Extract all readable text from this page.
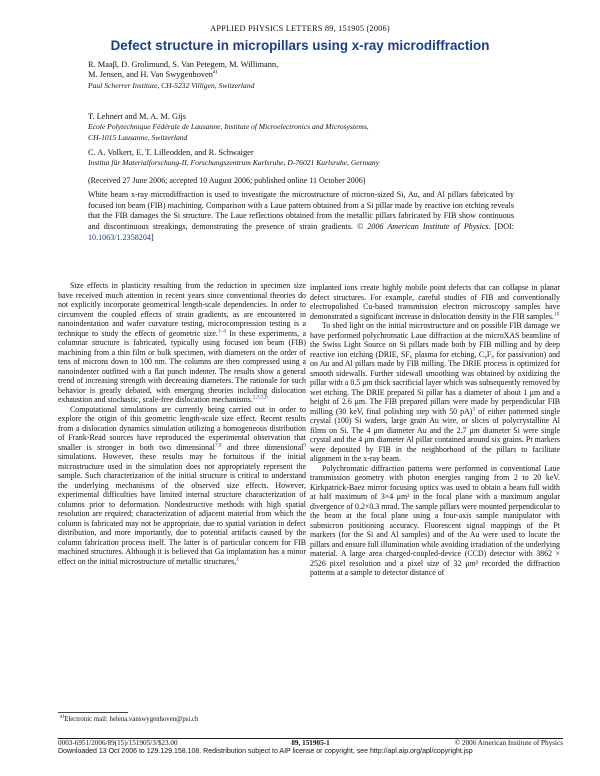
APPLIED PHYSICS LETTERS 89, 151905 (2006)
Defect structure in micropillars using x-ray microdiffraction
R. Maaβ, D. Grolimund, S. Van Petegem, M. Willimann,
M. Jensen, and H. Van Swygenhoven$^{a)}$
Paul Scherrer Institute, CH-5232 Villigen, Switzerland
T. Lehnert and M. A. M. Gijs
Ecole Polytechnique Fédérale de Lausanne, Institute of Microelectronics and Microsystems,
CH-1015 Lausanne, Switzerland
C. A. Volkert, E. T. Lilleodden, and R. Schwaiger
Institut für Materialforschung-II, Forschungszentrum Karlsruhe, D-76021 Karlsruhe, Germany
(Received 27 June 2006; accepted 10 August 2006; published online 11 October 2006)
White beam x-ray microdiffraction is used to investigate the microstructure of micron-sized Si, Au, and Al pillars fabricated by focused ion beam (FIB) machining. Comparison with a Laue pattern obtained from a Si pillar made by reactive ion etching reveals that the FIB damages the Si structure. The Laue reflections obtained from the metallic pillars fabricated by FIB show continuous and discontinuous streakings, demonstrating the presence of strain gradients. © 2006 American Institute of Physics. [DOI: 10.1063/1.2358204]

Size effects in plasticity resulting from the reduction in specimen size have received much attention in recent years since conventional theories do not explicitly incorporate geometrical length-scale dependencies. In order to circumvent the coupled effects of strain gradients, as are encountered in nanoindentation and wafer curvature testing, microcompression testing is a technique to study the effects of geometric size.$^{1-4}$ In these experiments, a columnar structure is fabricated, typically using focused ion beam (FIB) machining from a thin film or bulk specimen, with diameters on the order of tens of microns down to 100 nm. The columns are then compressed using a nanoindenter outfitted with a flat punch indenter. The results show a general trend of increasing strength with decreasing diameters. The rationale for such behavior is greatly debated, with emerging theories including dislocation exhaustion and stochastic, scale-free dislocation mechanisms.$^{2,3,5,6}$

Computational simulations are currently being carried out in order to explore the origin of this geometric length-scale size effect. Recent results from a dislocation dynamics simulation utilizing a homogeneous distribution of Frank-Read sources have reproduced the experimental observation that smaller is stronger in both two dimensional$^{7,8}$ and three dimensional$^9$ simulations. However, these results may be fortuitous if the initial microstructure used in the simulation does not appropriately represent the sample. Such characterization of the initial structure is critical to understand the underlying mechanisms of the observed size effects. However, experimental difficulties have limited internal structure characterization of columns prior to deformation. Nondestructive methods with high spatial resolution are required; characterization of adjacent material from which the column is fabricated may not be appropriate, due to spatial variation in defect distribution, and more importantly, due to potential artifacts caused by the column fabrication process itself. The latter is of particular concern for FIB machined structures. Although it is believed that Ga implantation has a minor effect on the initial microstructure of metallic structures,$^1$

implanted ions create highly mobile point defects that can collapse in planar defect structures. For example, careful studies of FIB and conventionally electropolished Cu-based transmission electron microscopy samples have demonstrated a significant increase in dislocation density in the FIB samples.$^{10}$

To shed light on the initial microstructure and on possible FIB damage we have performed polychromatic Laue diffraction at the microXAS beamline of the Swiss Light Source on Si pillars made both by FIB milling and by deep reactive ion etching (DRIE, SF₆ plasma for etching, C₄F₈ for passivation) and on Au and Al pillars made by FIB milling. The DRIE process is optimized for smooth sidewalls. Further sidewall smoothing was obtained by oxidizing the pillar with a 0.5 μm thick sacrificial layer which was subsequently removed by wet etching. The DRIE prepared Si pillar has a diameter of about 1 μm and a height of 2.6 μm. The FIB prepared pillars were made by perpendicular FIB milling (30 keV, final polishing step with 50 pA)$^3$ of either patterned single crystal (100) Si wafers, large grain Au wire, or slices of polycrystalline Al films on Si. The 4 μm diameter Au and the 2.7 μm diameter Si were single crystal and the 4 μm diameter Al pillar contained around six grains. Pt markers were deposited by FIB in the neighborhood of the pillars to facilitate alignment in the x-ray beam.

Polychromatic diffraction patterns were performed in conventional Laue transmission geometry with photon energies ranging from 2 to 20 keV. Kirkpatrick-Baez mirror focusing optics was used to obtain a beam full width at half maximum of 3×4 μm² in the focal plane with a maximum angular divergence of 0.2×0.3 mrad. The sample pillars were mounted perpendicular to the beam at the focal plane using a four-axis sample manipulator with submicron positioning accuracy. Fluorescent signal mappings of the Pt markers (for the Si and Al samples) and of the Au were used to locate the pillars and ensure full illumination while avoiding irradiation of the underlying material. A large area charged-coupled-device (CCD) detector with 3862 × 2526 pixel resolution and a pixel size of 32 μm² recorded the diffraction patterns at a sample to detector distance of

$^{a)}$Electronic mail: helena.vanswygenhoven@psi.ch
0003-6951/2006/89(15)/151905/3/$23.00	89, 151905-1	© 2006 American Institute of Physics
Downloaded 13 Oct 2006 to 129.129.158.108. Redistribution subject to AIP license or copyright, see http://apl.aip.org/apl/copyright.jsp
